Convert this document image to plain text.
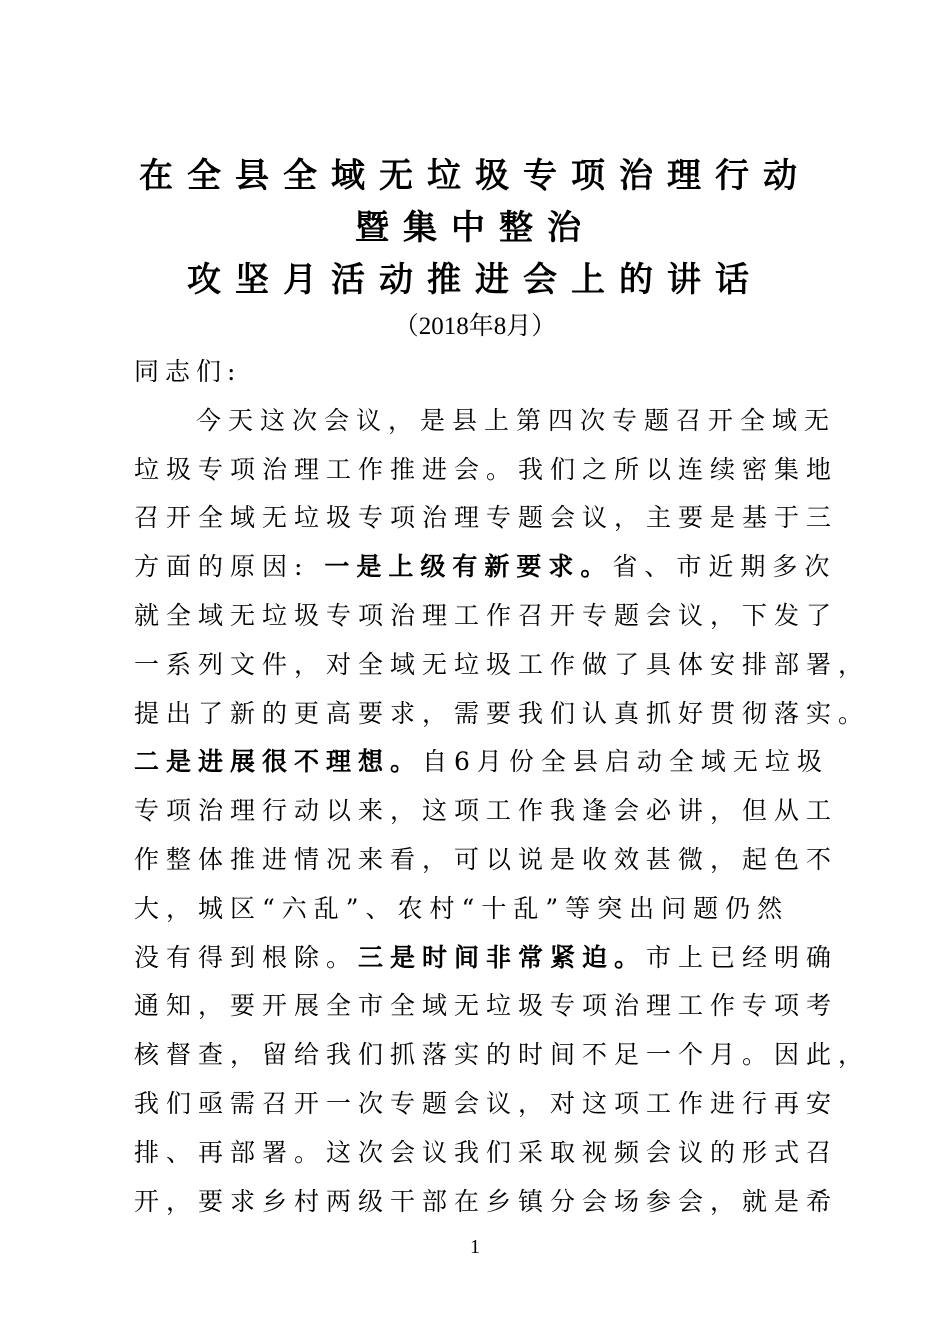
在全县全域无垃圾专项治理行动
暨集中整治
攻坚月活动推进会上的讲话
（2018年8月）
同志们:
今天这次会议，是县上第四次专题召开全域无
垃圾专项治理工作推进会。我们之所以连续密集地
召开全域无垃圾专项治理专题会议，主要是基于三
方面的原因: 一是上级有新要求。省、市近期多次
就全域无垃圾专项治理工作召开专题会议，下发了
一系列文件，对全域无垃圾工作做了具体安排部署，
提出了新的更高要求，需要我们认真抓好贯彻落实。
二是进展很不理想。自6月份全县启动全域无垃圾
专项治理行动以来，这项工作我逢会必讲，但从工
作整体推进情况来看，可以说是收效甚微，起色不
大，城区“六乱”、农村“十乱”等突出问题仍然
没有得到根除。三是时间非常紧迫。市上已经明确
通知，要开展全市全域无垃圾专项治理工作专项考
核督查，留给我们抓落实的时间不足一个月。因此，
我们亟需召开一次专题会议，对这项工作进行再安
排、再部署。这次会议我们采取视频会议的形式召
开，要求乡村两级干部在乡镇分会场参会，就是希
1
